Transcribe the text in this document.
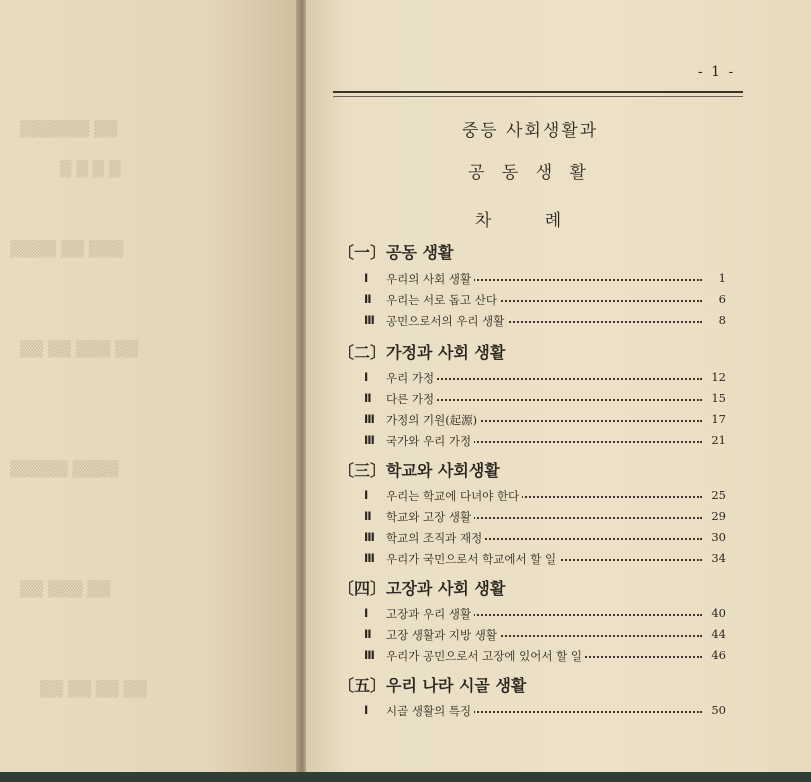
▒▒ ▒▒▒▒▒▒
▒ ▒ ▒ ▒
▒▒▒ ▒▒ ▒▒▒▒
▒▒ ▒▒▒ ▒▒ ▒▒
▒▒▒▒ ▒▒▒▒▒
▒▒ ▒▒▒ ▒▒
▒▒ ▒▒ ▒▒ ▒▒
- 1 -
중등 사회생활과
공 동 생 활
차 례
〔一〕공동 생활
Ⅰ	우리의 사회 생활	1
Ⅱ	우리는 서로 돕고 산다	6
Ⅲ 공민으로서의 우리 생활	8
〔二〕가정과 사회 생활
Ⅰ	우리 가정	12
Ⅱ	다른 가정	15
Ⅲ 가정의 기원(起源)	17
Ⅲ 국가와 우리 가정	21
〔三〕학교와 사회생활
Ⅰ	우리는 학교에 다녀야 한다	25
Ⅱ	학교와 고장 생활	29
Ⅲ 학교의 조직과 재정	30
Ⅲ 우리가 국민으로서 학교에서 할 일	34
〔四〕고장과 사회 생활
Ⅰ	고장과 우리 생활	40
Ⅱ	고장 생활과 지방 생활	44
Ⅲ 우리가 공민으로서 고장에 있어서 할 일	46
〔五〕우리 나라 시골 생활
Ⅰ	시골 생활의 특징	50
